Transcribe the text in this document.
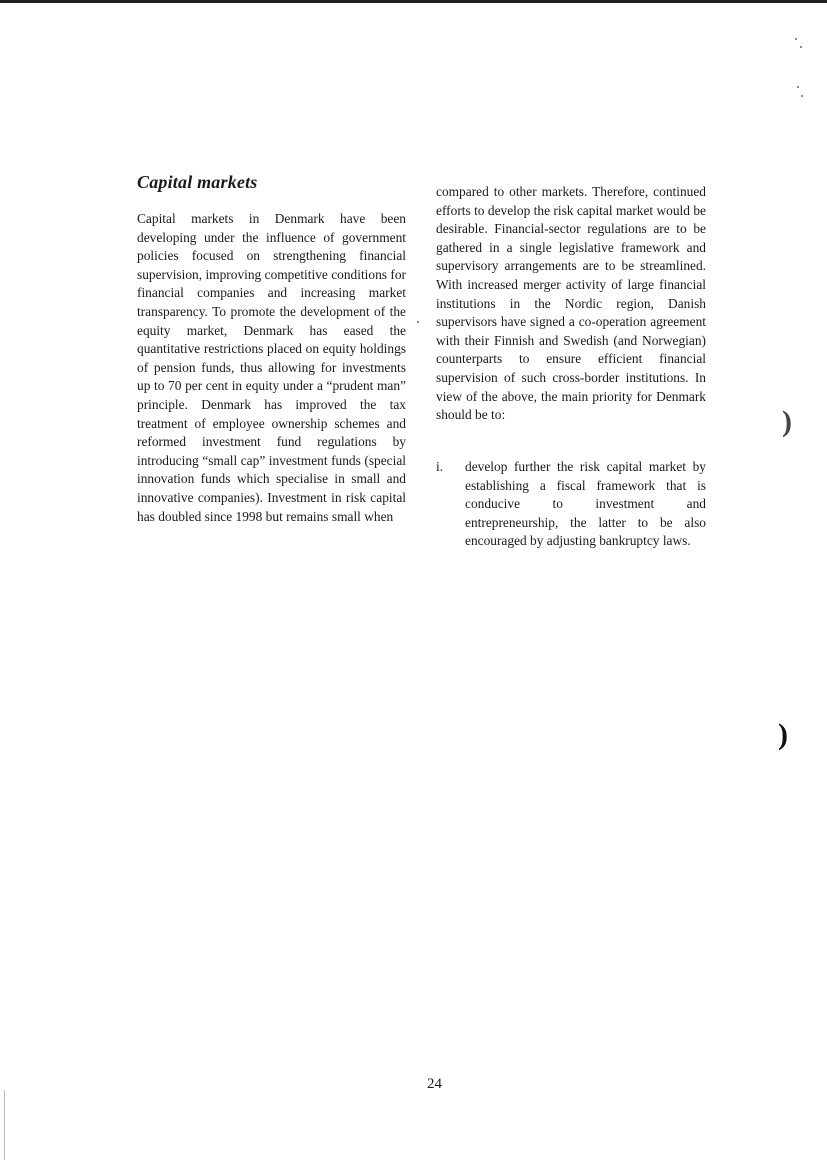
Capital markets

Capital markets in Denmark have been developing under the influence of government policies focused on strengthening financial supervision, improving competitive conditions for financial companies and increasing market transparency. To promote the development of the equity market, Denmark has eased the quantitative restrictions placed on equity holdings of pension funds, thus allowing for investments up to 70 per cent in equity under a “prudent man” principle. Denmark has improved the tax treatment of employee ownership schemes and reformed investment fund regulations by introducing “small cap” investment funds (special innovation funds which specialise in small and innovative companies). Investment in risk capital has doubled since 1998 but remains small when

compared to other markets. Therefore, continued efforts to develop the risk capital market would be desirable. Financial-sector regulations are to be gathered in a single legislative framework and supervisory arrangements are to be streamlined. With increased merger activity of large financial institutions in the Nordic region, Danish supervisors have signed a co-operation agreement with their Finnish and Swedish (and Norwegian) counterparts to ensure efficient financial supervision of such cross-border institutions. In view of the above, the main priority for Denmark should be to:

i.	develop further the risk capital market by establishing a fiscal framework that is conducive to investment and entrepreneurship, the latter to be also encouraged by adjusting bankruptcy laws.
24
)
)
